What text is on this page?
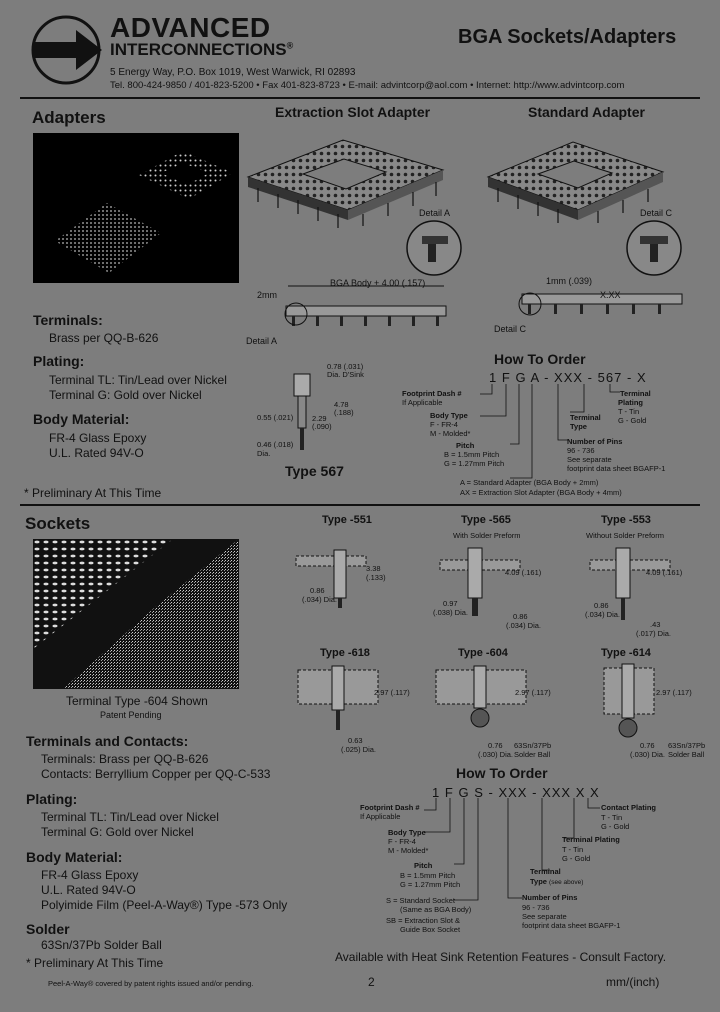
ADVANCED
INTERCONNECTIONS®
5 Energy Way, P.O. Box 1019, West Warwick, RI 02893
Tel. 800-424-9850 / 401-823-5200 • Fax 401-823-8723 • E-mail: advintcorp@aol.com • Internet: http://www.advintcorp.com
BGA Sockets/Adapters
Adapters	Extraction Slot Adapter	Standard Adapter
Detail A
2mm
BGA Body + 4.00 (.157)
Detail A
Detail C
1mm (.039)
X.XX
Detail C
Terminals:
Brass per QQ-B-626
Plating:
Terminal TL: Tin/Lead over Nickel
Terminal G: Gold over Nickel
Body Material:
FR-4 Glass Epoxy
U.L. Rated 94V-O
* Preliminary At This Time
0.78 (.031)
Dia. D'Sink
4.78
(.188)
2.29
(.090)
0.55 (.021)
0.46 (.018)
Dia.
Type 567
How To Order
1 F G A - XXX - 567 - X
Footprint Dash #
If Applicable
Body Type
F - FR-4
M - Molded*
Pitch
B = 1.5mm Pitch
G = 1.27mm Pitch
A = Standard Adapter (BGA Body + 2mm)
AX = Extraction Slot Adapter (BGA Body + 4mm)
Terminal
Plating
T - Tin
G - Gold
Terminal
Type
Number of Pins
96 - 736
See separate
footprint data sheet BGAFP-1
Sockets
Terminal Type -604 Shown
Patent Pending
Terminals and Contacts:
Terminals: Brass per QQ-B-626
Contacts: Berryllium Copper per QQ-C-533
Plating:
Terminal TL: Tin/Lead over Nickel
Terminal G: Gold over Nickel
Body Material:
FR-4 Glass Epoxy
U.L. Rated 94V-O
Polyimide Film (Peel-A-Way®) Type -573 Only
Solder
63Sn/37Pb Solder Ball
* Preliminary At This Time
Type -551
3.38
(.133)
0.86
(.034) Dia.
Type -565
With Solder Preform
4.09 (.161)
0.97
(.038) Dia.	0.86
(.034) Dia.
Type -553
Without Solder Preform
4.09 (.161)
0.86
(.034) Dia.
.43
(.017) Dia.
Type -618
2.97 (.117)
0.63
(.025) Dia.
Type -604
2.97 (.117)
0.76
(.030) Dia.
63Sn/37Pb
Solder Ball
Type -614
2.97 (.117)
0.76
(.030) Dia.
63Sn/37Pb
Solder Ball
How To Order
1 F G S - XXX - XXX X X
Footprint Dash #
If Applicable
Body Type
F - FR-4
M - Molded*
Pitch
B = 1.5mm Pitch
G = 1.27mm Pitch
S = Standard Socket
(Same as BGA Body)
SB = Extraction Slot &
Guide Box Socket
Contact Plating
T - Tin
G - Gold
Terminal Plating
T - Tin
G - Gold
Terminal
Type (see above)
Number of Pins
96 - 736
See separate
footprint data sheet BGAFP-1
Available with Heat Sink Retention Features - Consult Factory.
Peel-A-Way® covered by patent rights issued and/or pending.	2	mm/(inch)
